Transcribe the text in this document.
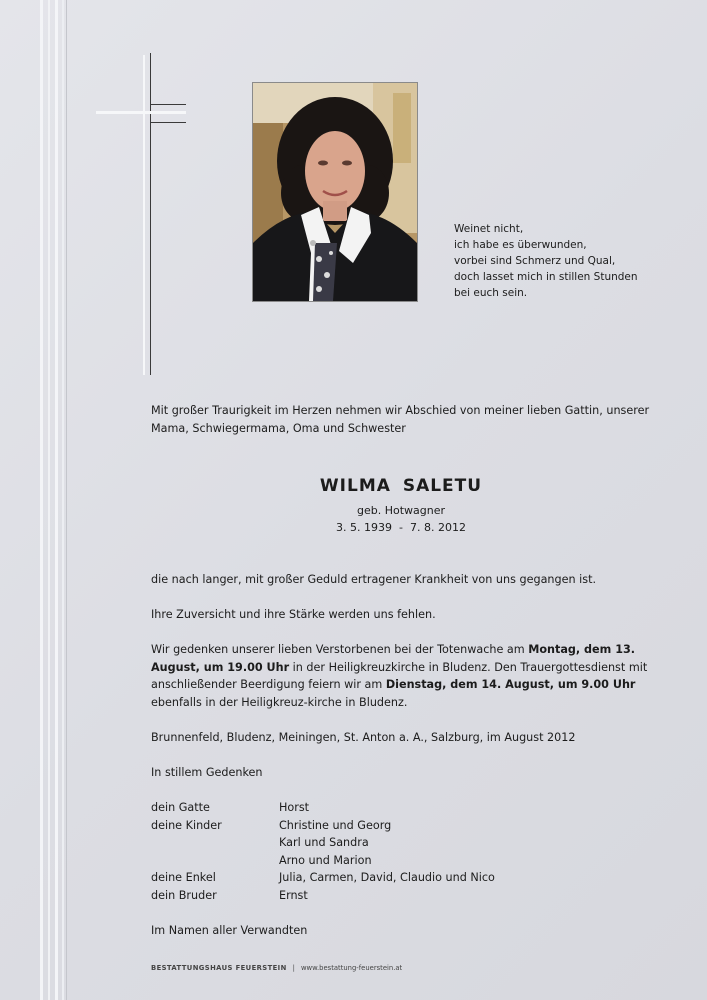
Weinet nicht,
ich habe es überwunden,
vorbei sind Schmerz und Qual,
doch lasset mich in stillen Stunden
bei euch sein.
Mit großer Traurigkeit im Herzen nehmen wir Abschied von meiner lieben Gattin, unserer Mama, Schwiegermama, Oma und Schwester
WILMA SALETU
geb. Hotwagner
3. 5. 1939  -  7. 8. 2012
die nach langer, mit großer Geduld ertragener Krankheit von uns gegangen ist.
Ihre Zuversicht und ihre Stärke werden uns fehlen.
Wir gedenken unserer lieben Verstorbenen bei der Totenwache am Montag, dem 13. August, um 19.00 Uhr in der Heiligkreuzkirche in Bludenz. Den Trauergottesdienst mit anschließender Beerdigung feiern wir am Dienstag, dem 14. August, um 9.00 Uhr ebenfalls in der Heiligkreuz-kirche in Bludenz.
Brunnenfeld, Bludenz, Meiningen, St. Anton a. A., Salzburg, im August 2012
In stillem Gedenken
dein Gatte	Horst
deine Kinder	Christine und Georg
Karl und Sandra
Arno und Marion
deine Enkel	Julia, Carmen, David, Claudio und Nico
dein Bruder	Ernst
Im Namen aller Verwandten
BESTATTUNGSHAUS FEUERSTEIN | www.bestattung-feuerstein.at
